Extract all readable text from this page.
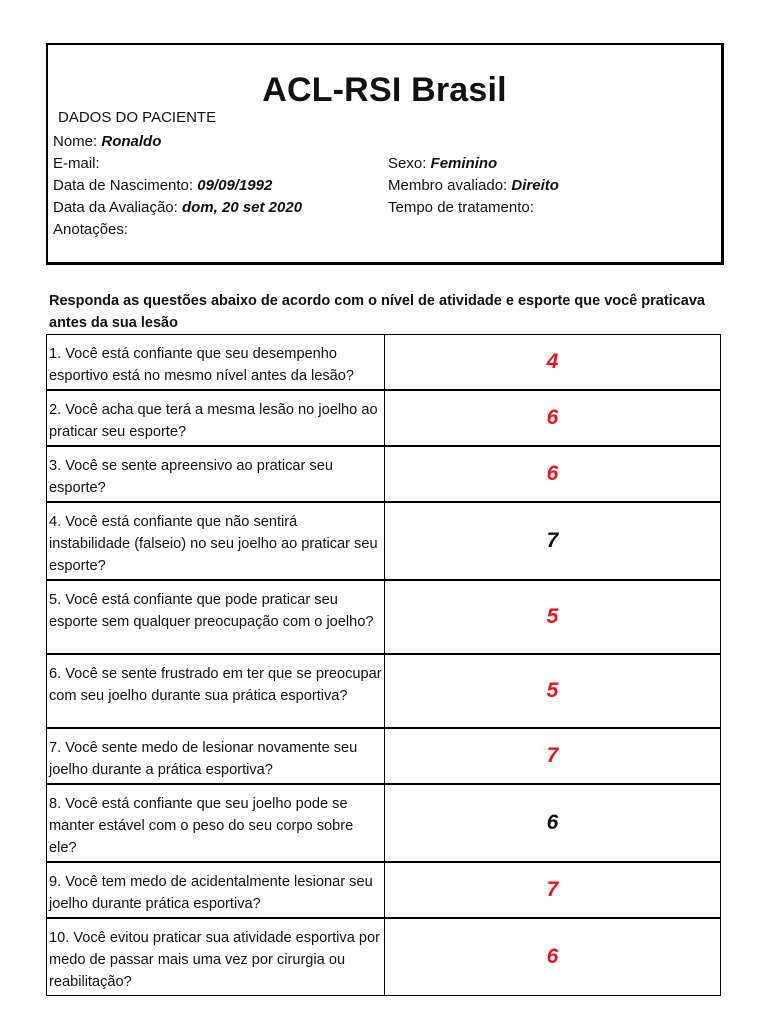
ACL-RSI Brasil
DADOS DO PACIENTE
Nome: Ronaldo
E-mail:	Sexo: Feminino
Data de Nascimento: 09/09/1992	Membro avaliado: Direito
Data da Avaliação: dom, 20 set 2020	Tempo de tratamento:
Anotações:
Responda as questões abaixo de acordo com o nível de atividade e esporte que você praticava antes da sua lesão
1. Você está confiante que seu desempenho esportivo está no mesmo nível antes da lesão?	4
2. Você acha que terá a mesma lesão no joelho ao praticar seu esporte?	6
3. Você se sente apreensivo ao praticar seu esporte?	6
4. Você está confiante que não sentirá instabilidade (falseio) no seu joelho ao praticar seu esporte?	7
5. Você está confiante que pode praticar seu esporte sem qualquer preocupação com o joelho?	5
6. Você se sente frustrado em ter que se preocupar com seu joelho durante sua prática esportiva?	5
7. Você sente medo de lesionar novamente seu joelho durante a prática esportiva?	7
8. Você está confiante que seu joelho pode se manter estável com o peso do seu corpo sobre ele?	6
9. Você tem medo de acidentalmente lesionar seu joelho durante prática esportiva?	7
10. Você evitou praticar sua atividade esportiva por medo de passar mais uma vez por cirurgia ou reabilitação?	6
